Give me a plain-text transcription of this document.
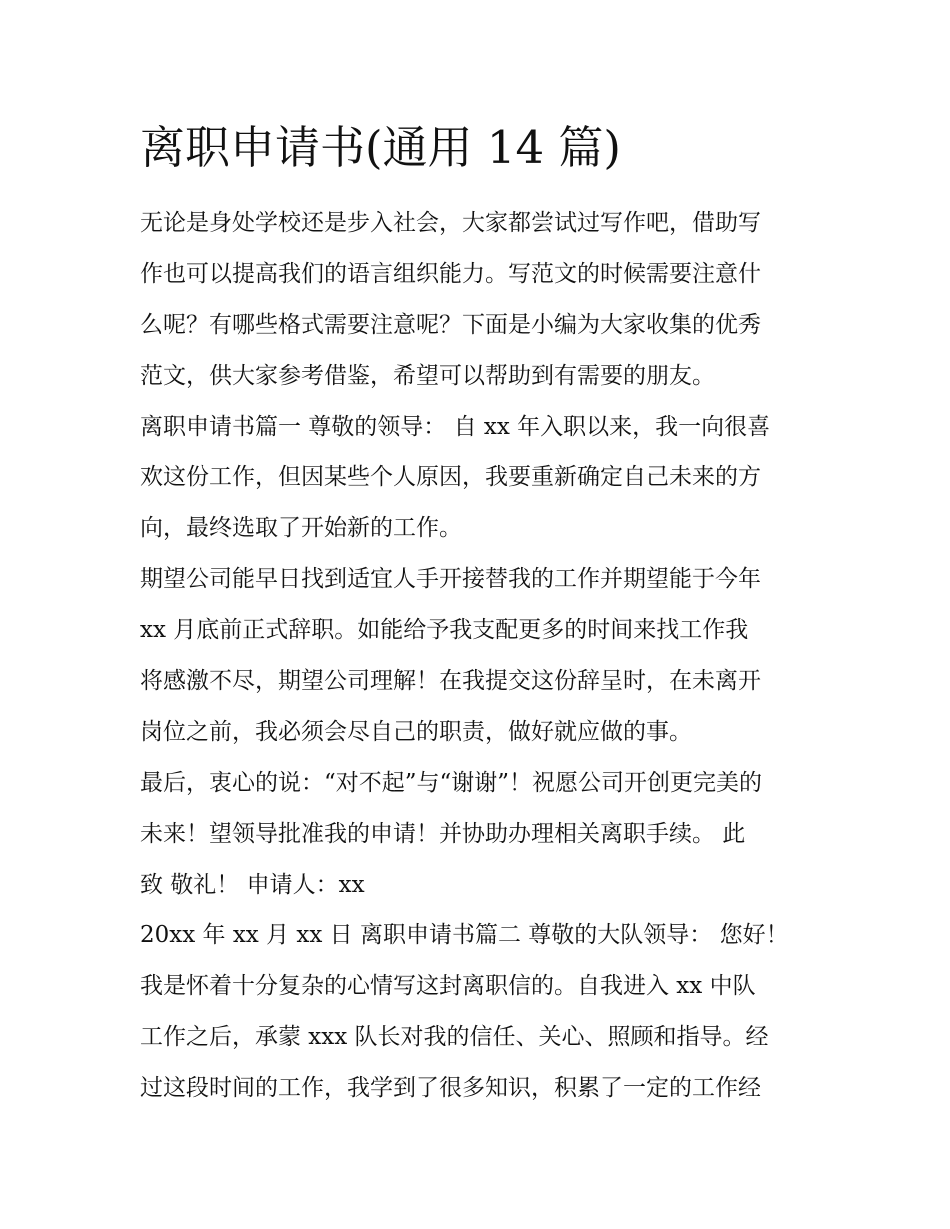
离职申请书(通用 14 篇)

无论是身处学校还是步入社会，大家都尝试过写作吧，借助写
作也可以提高我们的语言组织能力。写范文的时候需要注意什
么呢？有哪些格式需要注意呢？下面是小编为大家收集的优秀
范文，供大家参考借鉴，希望可以帮助到有需要的朋友。

离职申请书篇一 尊敬的领导： 自 xx 年入职以来，我一向很喜
欢这份工作，但因某些个人原因，我要重新确定自己未来的方
向，最终选取了开始新的工作。

期望公司能早日找到适宜人手开接替我的工作并期望能于今年
xx 月底前正式辞职。如能给予我支配更多的时间来找工作我
将感激不尽，期望公司理解！在我提交这份辞呈时，在未离开
岗位之前，我必须会尽自己的职责，做好就应做的事。

最后，衷心的说：“对不起”与“谢谢”！祝愿公司开创更完美的
未来！望领导批准我的申请！并协助办理相关离职手续。 此
致 敬礼！ 申请人：xx

20xx 年 xx 月 xx 日 离职申请书篇二 尊敬的大队领导： 您好！
我是怀着十分复杂的心情写这封离职信的。自我进入 xx 中队
工作之后，承蒙 xxx 队长对我的信任、关心、照顾和指导。经
过这段时间的工作，我学到了很多知识，积累了一定的工作经
